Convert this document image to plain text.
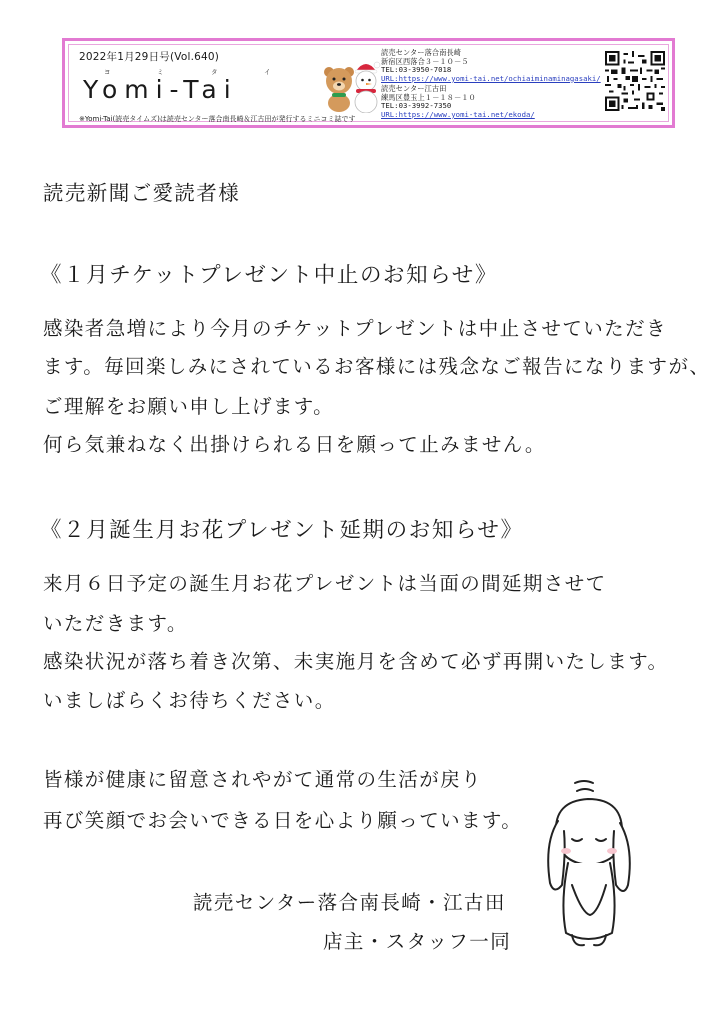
2022年1月29日号(Vol.640)
ヨ	ミ	タ	イ
Yomi-Tai
※Yomi-Tai(読売タイムズ)は読売センター落合南長崎＆江古田が発行するミニコミ誌です
読売センター落合南長崎
新宿区西落合３－１０－５
TEL:03-3950-7018
URL:https://www.yomi-tai.net/ochiaiminaminagasaki/
読売センター江古田
練馬区豊玉上１－１８－１０
TEL:03-3992-7350
URL:https://www.yomi-tai.net/ekoda/
読売新聞ご愛読者様
《１月チケットプレゼント中止のお知らせ》
感染者急増により今月のチケットプレゼントは中止させていただき
ます。毎回楽しみにされているお客様には残念なご報告になりますが、
ご理解をお願い申し上げます。
何ら気兼ねなく出掛けられる日を願って止みません。
《２月誕生月お花プレゼント延期のお知らせ》
来月６日予定の誕生月お花プレゼントは当面の間延期させて
いただきます。
感染状況が落ち着き次第、未実施月を含めて必ず再開いたします。
いましばらくお待ちください。
皆様が健康に留意されやがて通常の生活が戻り
再び笑顔でお会いできる日を心より願っています。
読売センター落合南長崎・江古田
店主・スタッフ一同
